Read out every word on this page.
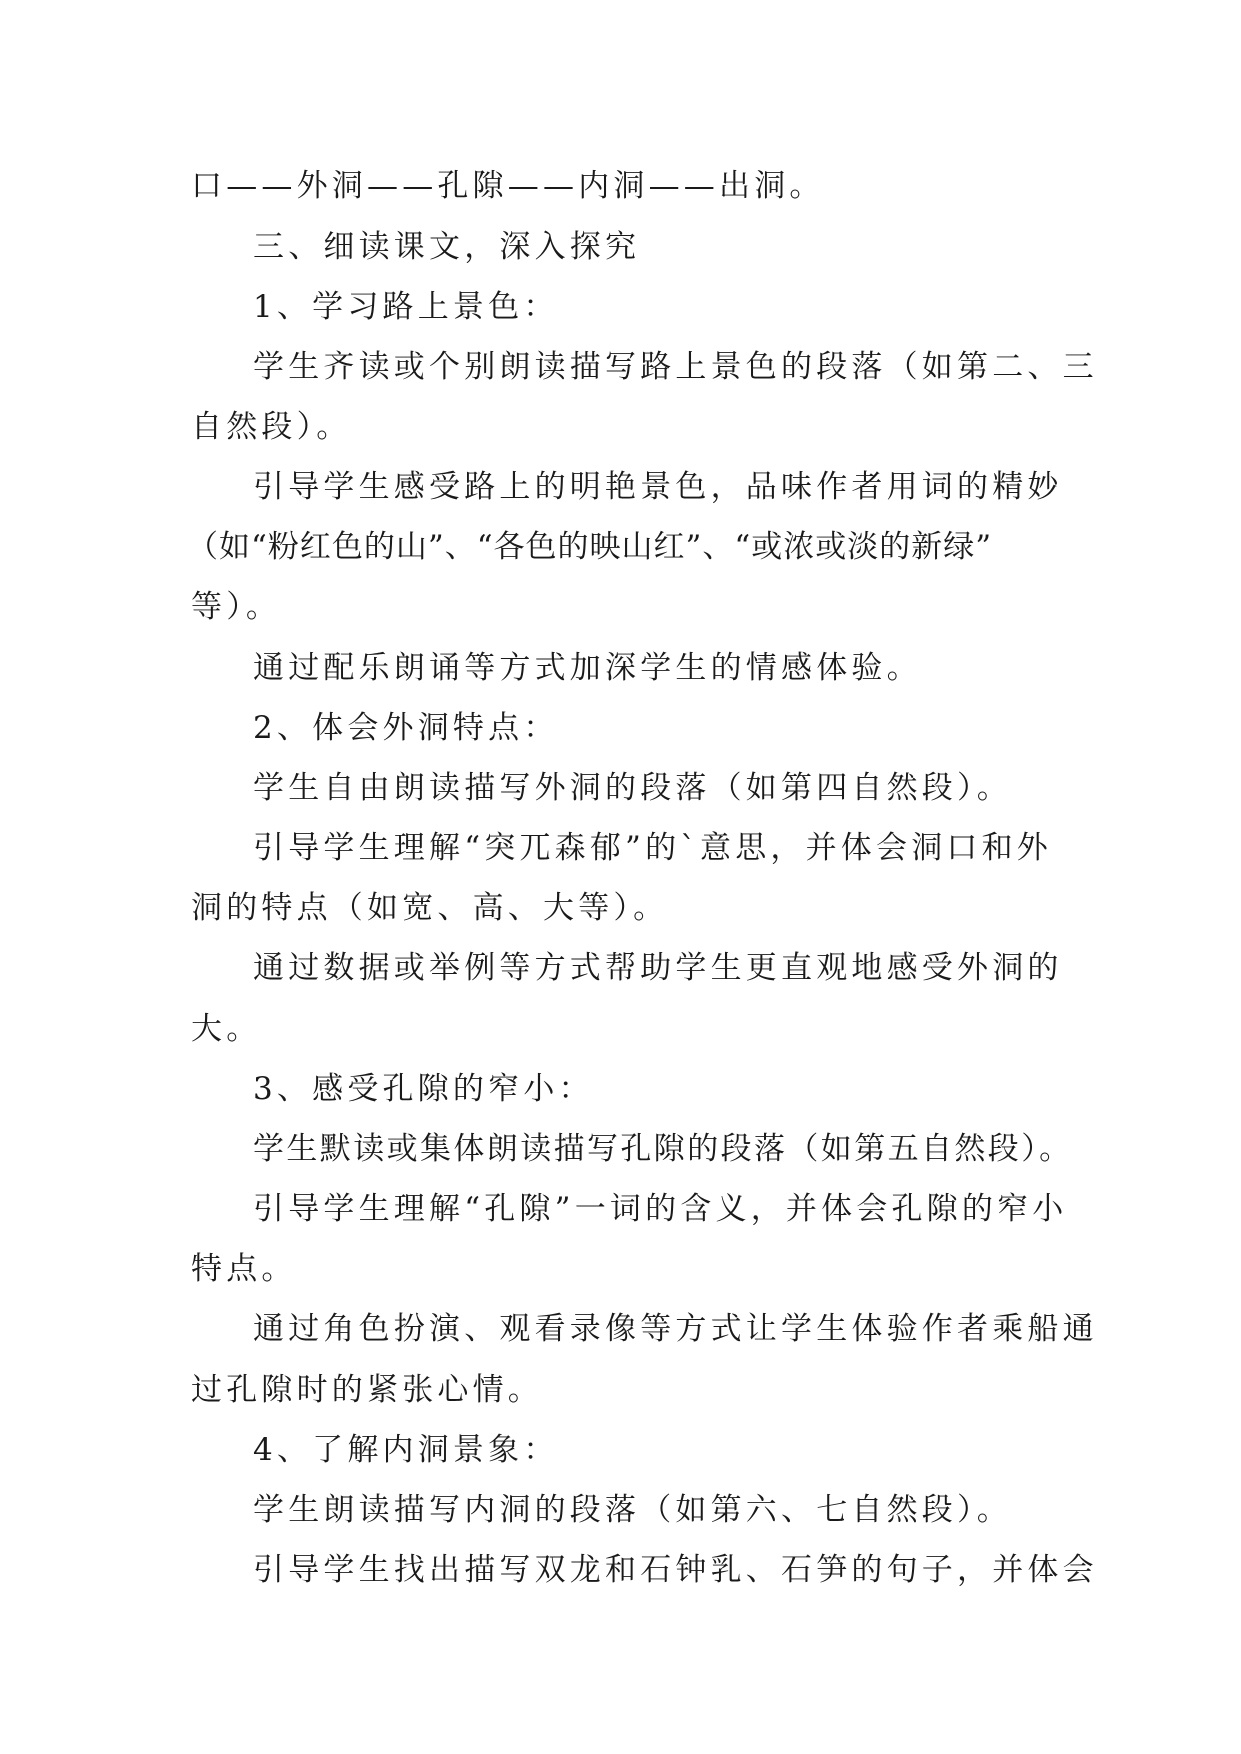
口——外洞——孔隙——内洞——出洞。
三、细读课文，深入探究
1、学习路上景色：
学生齐读或个别朗读描写路上景色的段落（如第二、三
自然段）。
引导学生感受路上的明艳景色，品味作者用词的精妙
（如“粉红色的山”、“各色的映山红”、“或浓或淡的新绿”
等）。
通过配乐朗诵等方式加深学生的情感体验。
2、体会外洞特点：
学生自由朗读描写外洞的段落（如第四自然段）。
引导学生理解“突兀森郁”的`意思，并体会洞口和外
洞的特点（如宽、高、大等）。
通过数据或举例等方式帮助学生更直观地感受外洞的
大。
3、感受孔隙的窄小：
学生默读或集体朗读描写孔隙的段落（如第五自然段）。
引导学生理解“孔隙”一词的含义，并体会孔隙的窄小
特点。
通过角色扮演、观看录像等方式让学生体验作者乘船通
过孔隙时的紧张心情。
4、了解内洞景象：
学生朗读描写内洞的段落（如第六、七自然段）。
引导学生找出描写双龙和石钟乳、石笋的句子，并体会
